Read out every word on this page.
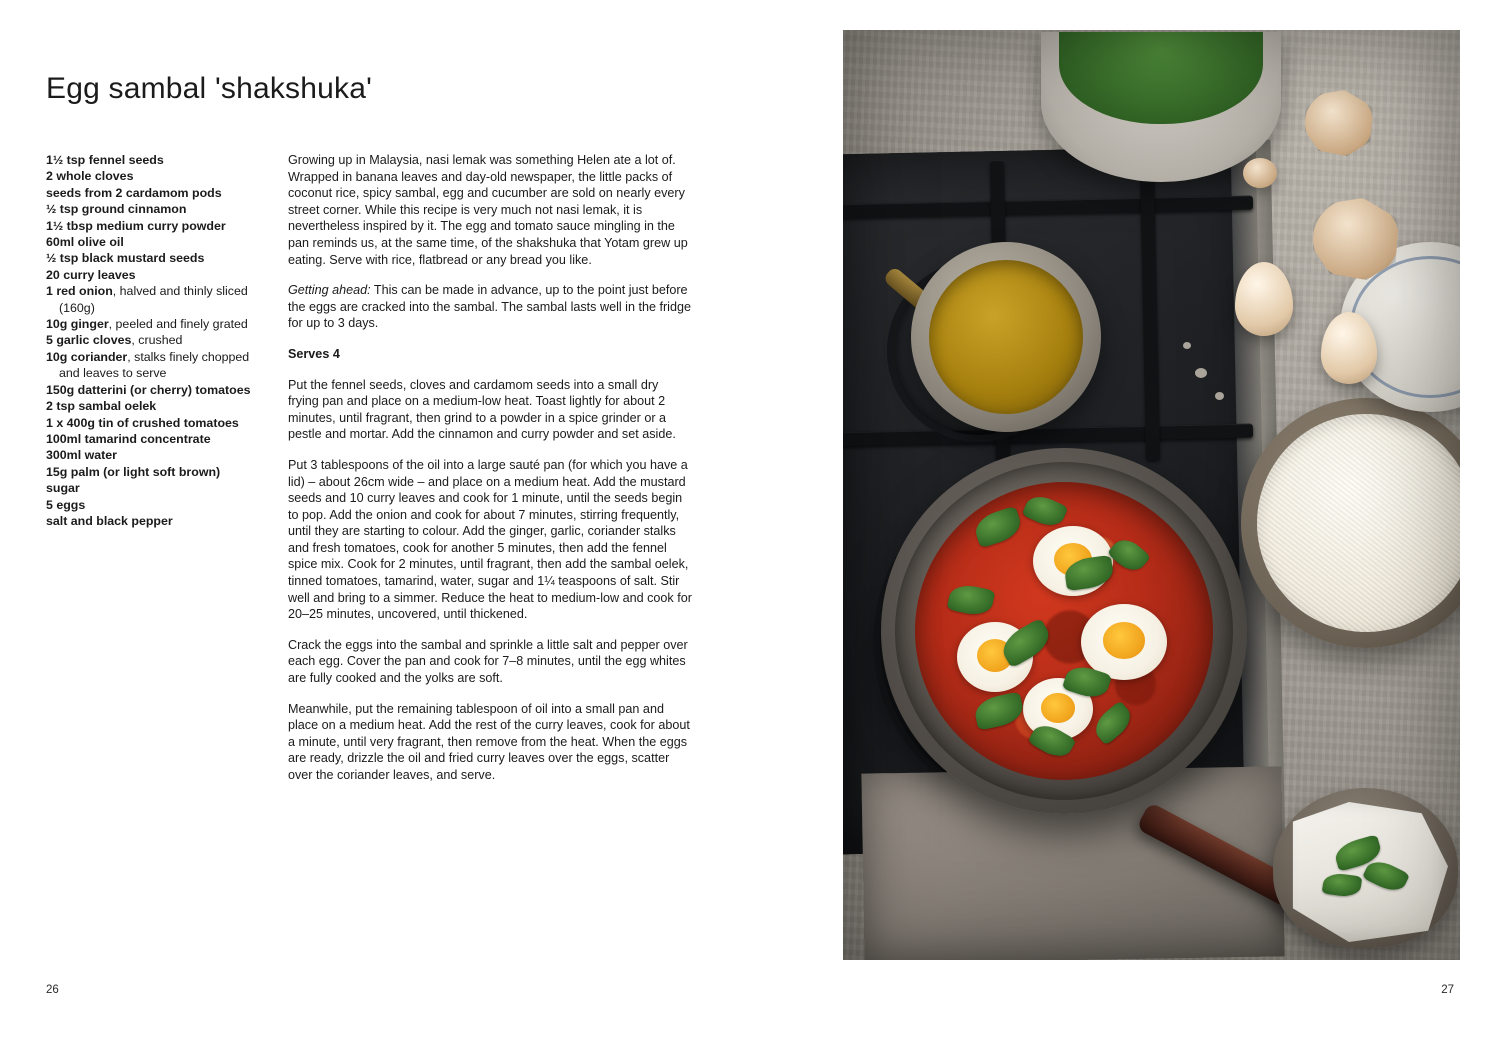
Egg sambal 'shakshuka'
1½ tsp fennel seeds
2 whole cloves
seeds from 2 cardamom pods
½ tsp ground cinnamon
1½ tbsp medium curry powder
60ml olive oil
½ tsp black mustard seeds
20 curry leaves
1 red onion, halved and thinly sliced (160g)
10g ginger, peeled and finely grated
5 garlic cloves, crushed
10g coriander, stalks finely chopped and leaves to serve
150g datterini (or cherry) tomatoes
2 tsp sambal oelek
1 x 400g tin of crushed tomatoes
100ml tamarind concentrate
300ml water
15g palm (or light soft brown) sugar
5 eggs
salt and black pepper

Growing up in Malaysia, nasi lemak was something Helen ate a lot of. Wrapped in banana leaves and day-old newspaper, the little packs of coconut rice, spicy sambal, egg and cucumber are sold on nearly every street corner. While this recipe is very much not nasi lemak, it is nevertheless inspired by it. The egg and tomato sauce mingling in the pan reminds us, at the same time, of the shakshuka that Yotam grew up eating. Serve with rice, flatbread or any bread you like.

Getting ahead: This can be made in advance, up to the point just before the eggs are cracked into the sambal. The sambal lasts well in the fridge for up to 3 days.

Serves 4

Put the fennel seeds, cloves and cardamom seeds into a small dry frying pan and place on a medium-low heat. Toast lightly for about 2 minutes, until fragrant, then grind to a powder in a spice grinder or a pestle and mortar. Add the cinnamon and curry powder and set aside.

Put 3 tablespoons of the oil into a large sauté pan (for which you have a lid) – about 26cm wide – and place on a medium heat. Add the mustard seeds and 10 curry leaves and cook for 1 minute, until the seeds begin to pop. Add the onion and cook for about 7 minutes, stirring frequently, until they are starting to colour. Add the ginger, garlic, coriander stalks and fresh tomatoes, cook for another 5 minutes, then add the fennel spice mix. Cook for 2 minutes, until fragrant, then add the sambal oelek, tinned tomatoes, tamarind, water, sugar and 1¼ teaspoons of salt. Stir well and bring to a simmer. Reduce the heat to medium-low and cook for 20–25 minutes, uncovered, until thickened.

Crack the eggs into the sambal and sprinkle a little salt and pepper over each egg. Cover the pan and cook for 7–8 minutes, until the egg whites are fully cooked and the yolks are soft.

Meanwhile, put the remaining tablespoon of oil into a small pan and place on a medium heat. Add the rest of the curry leaves, cook for about a minute, until very fragrant, then remove from the heat. When the eggs are ready, drizzle the oil and fried curry leaves over the eggs, scatter over the coriander leaves, and serve.

26	27
